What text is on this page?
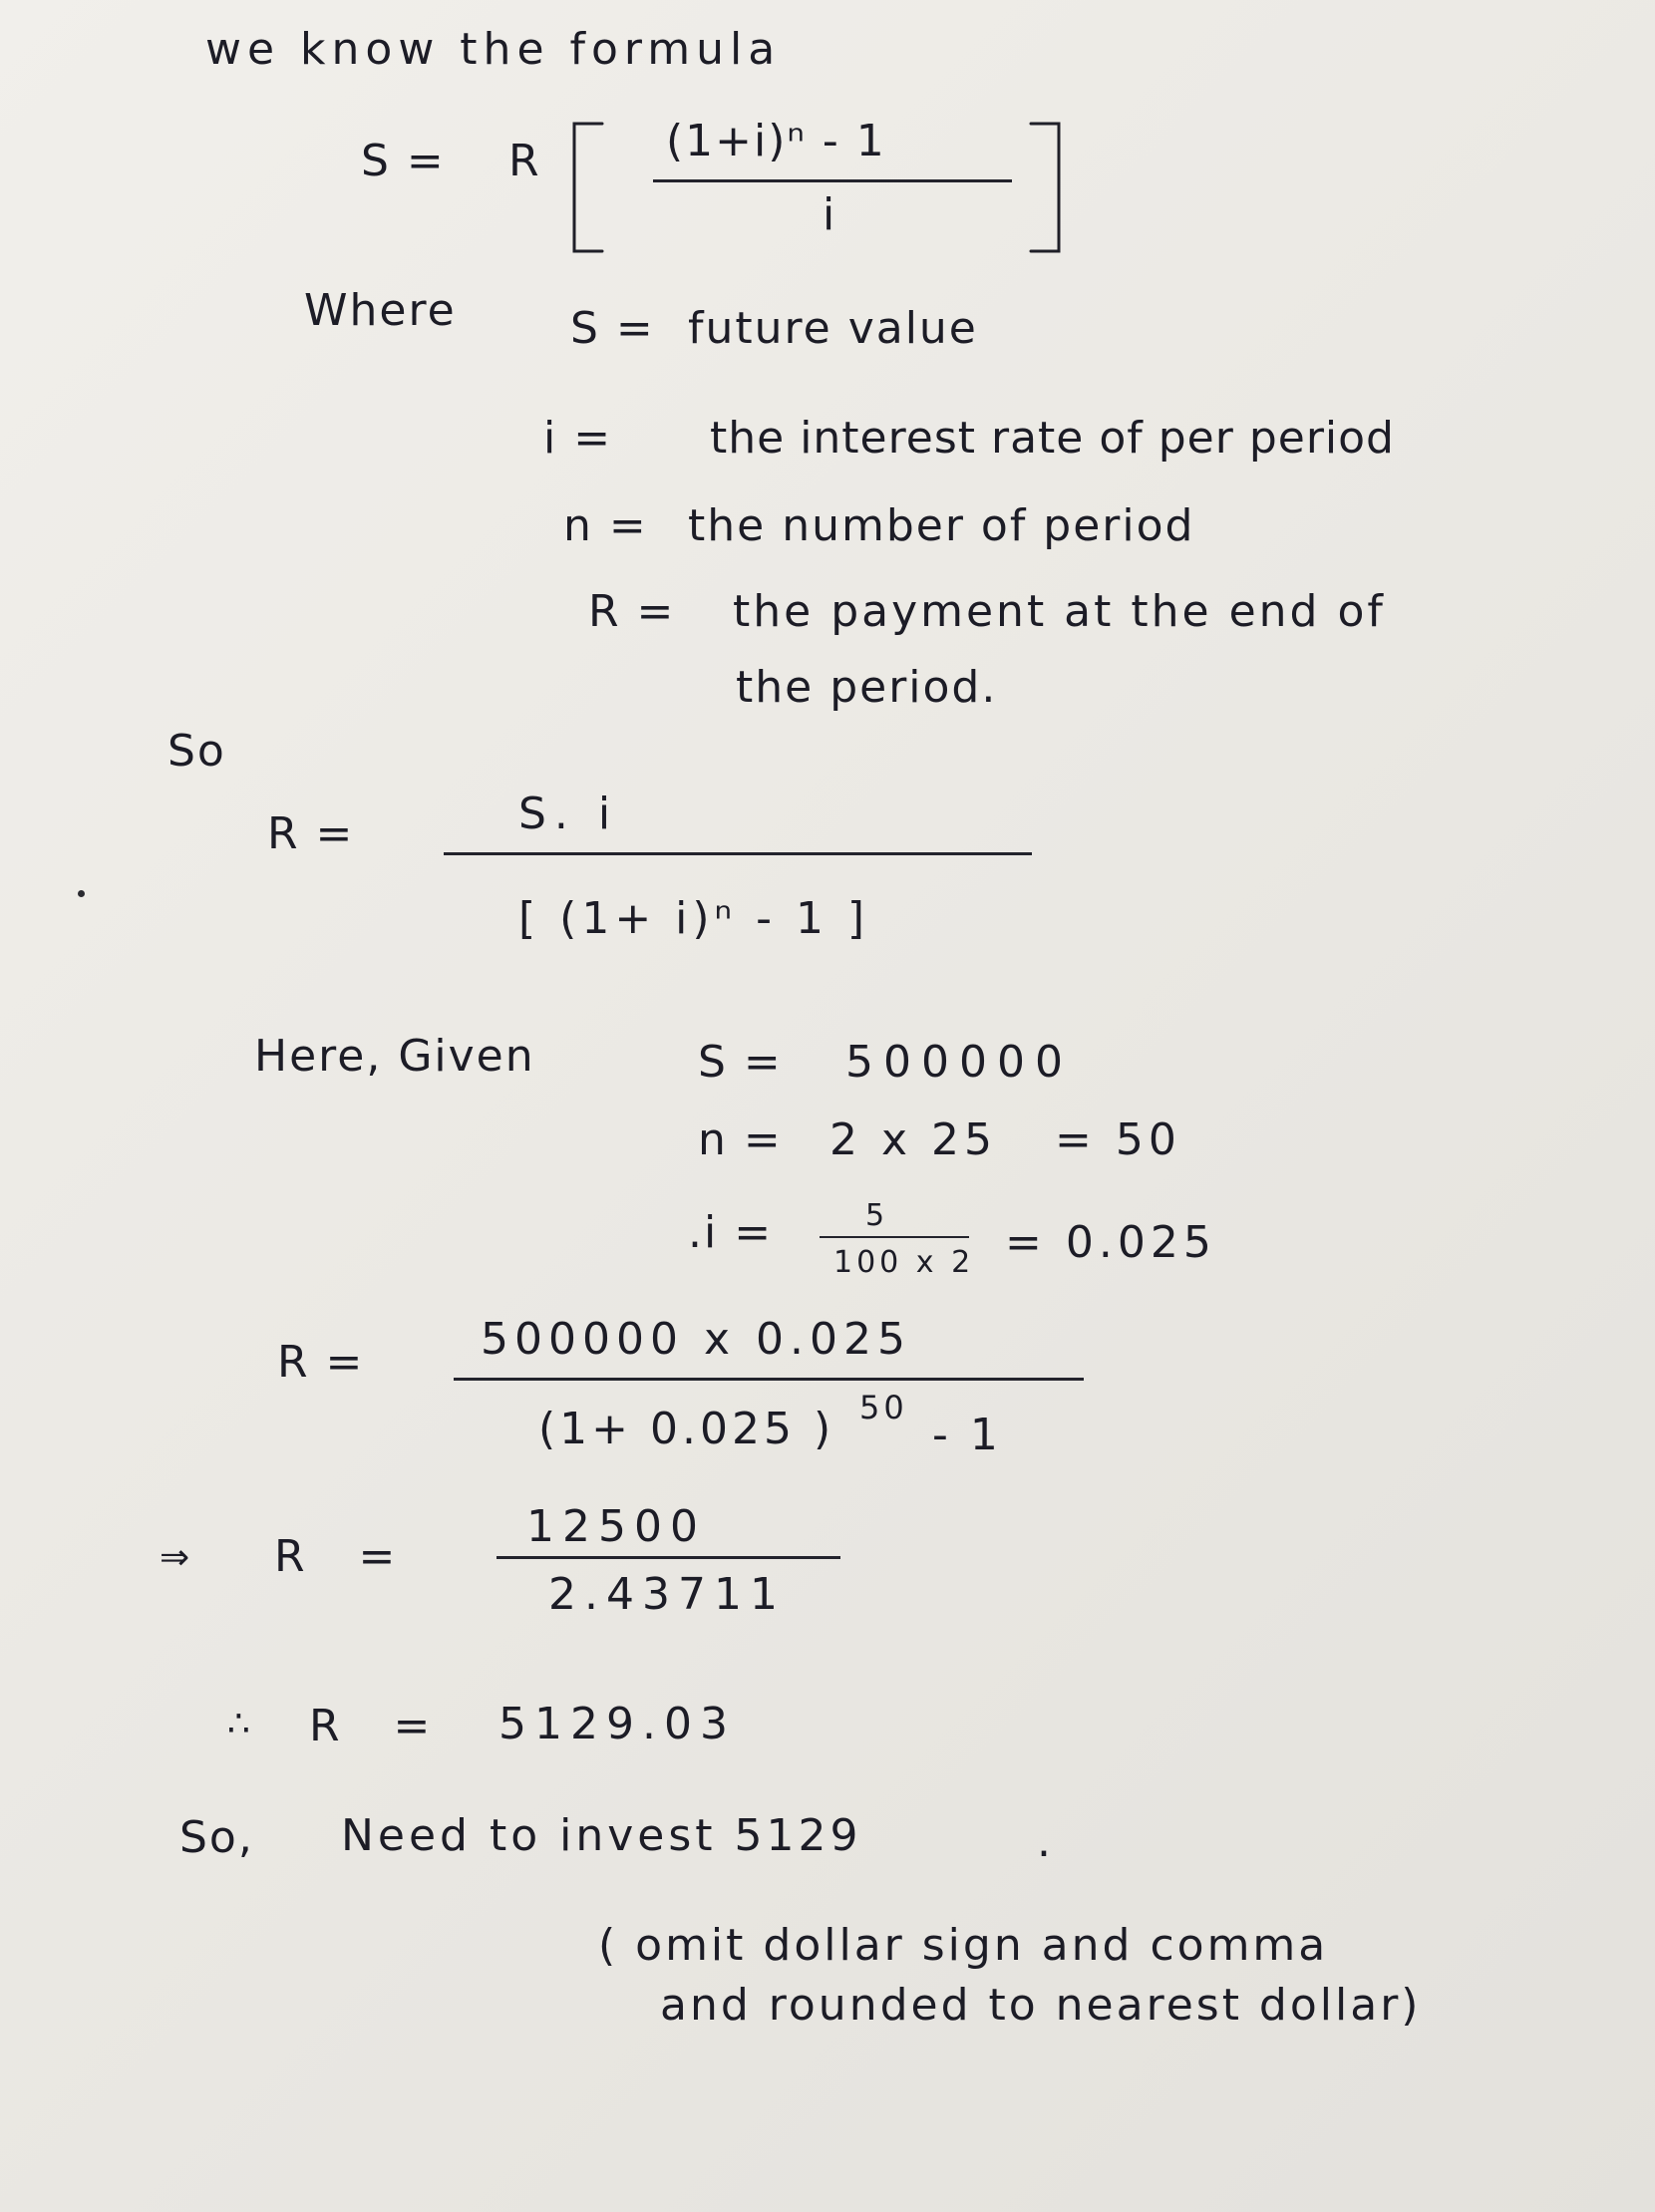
we know the formula
S = R	(1+i)ⁿ - 1
i
Where	S = future value
i = the interest rate of per period
n = the number of period
R = the payment at the end of
the period.
So
R =	S. i
[ (1+ i)ⁿ - 1 ]
Here, Given	S = 500000
n = 2 x 25 = 50
.i =	5
100 x 2 = 0.025
R =	500000 x 0.025
(1+ 0.025 ) 50
- 1
⇒ R =
12500
2.43711
∴ R = 5129.03
So, Need to invest 5129	.
( omit dollar sign and comma
and rounded to nearest dollar)
